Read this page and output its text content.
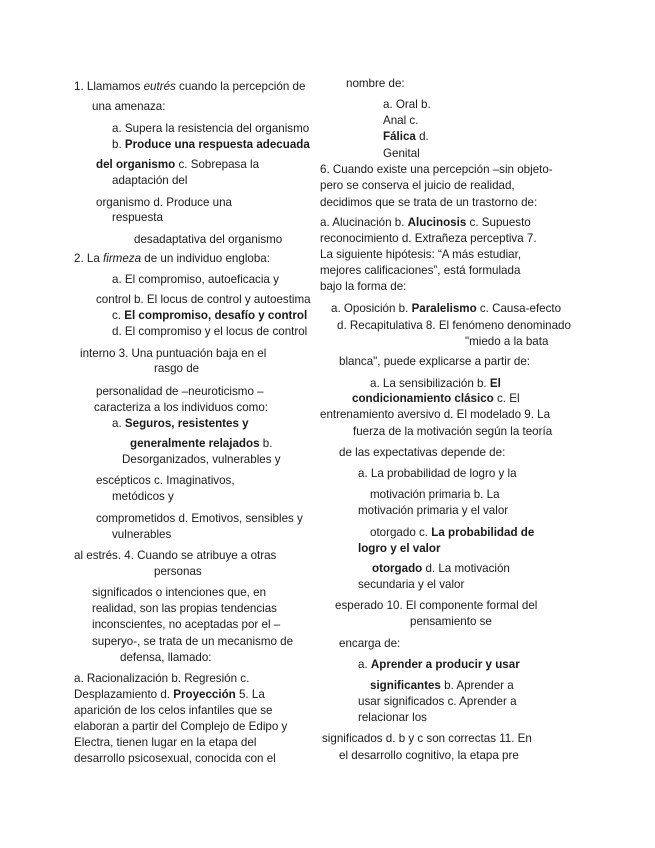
1. Llamamos eutrés cuando la percepción de
una amenaza:
a. Supera la resistencia del organismo
b. Produce una respuesta adecuada
del organismo c. Sobrepasa la
adaptación del
organismo d. Produce una
respuesta
desadaptativa del organismo
2. La firmeza de un individuo engloba:
a. El compromiso, autoeficacia y
control b. El locus de control y autoestima
c. El compromiso, desafío y control
d. El compromiso y el locus de control
interno 3. Una puntuación baja en el
rasgo de
personalidad de –neuroticismo –
caracteriza a los individuos como:
a. Seguros, resistentes y
generalmente relajados b.
Desorganizados, vulnerables y
escépticos c. Imaginativos,
metódicos y
comprometidos d. Emotivos, sensibles y
vulnerables
al estrés. 4. Cuando se atribuye a otras
personas
significados o intenciones que, en
realidad, son las propias tendencias
inconscientes, no aceptadas por el –
superyo-, se trata de un mecanismo de
defensa, llamado:
a. Racionalización b. Regresión c.
Desplazamiento d. Proyección 5. La
aparición de los celos infantiles que se
elaboran a partir del Complejo de Edipo y
Electra, tienen lugar en la etapa del
desarrollo psicosexual, conocida con el
nombre de:
a. Oral b.
Anal c.
Fálica d.
Genital
6. Cuando existe una percepción –sin objeto-
pero se conserva el juicio de realidad,
decidimos que se trata de un trastorno de:
a. Alucinación b. Alucinosis c. Supuesto
reconocimiento d. Extrañeza perceptiva 7.
La siguiente hipótesis: “A más estudiar,
mejores calificaciones”, está formulada
bajo la forma de:
a. Oposición b. Paralelismo c. Causa-efecto
d. Recapitulativa 8. El fenómeno denominado
"miedo a la bata
blanca", puede explicarse a partir de:
a. La sensibilización b. El
condicionamiento clásico c. El
entrenamiento aversivo d. El modelado 9. La
fuerza de la motivación según la teoría
de las expectativas depende de:
a. La probabilidad de logro y la
motivación primaria b. La
motivación primaria y el valor
otorgado c. La probabilidad de
logro y el valor
otorgado d. La motivación
secundaria y el valor
esperado 10. El componente formal del
pensamiento se
encarga de:
a. Aprender a producir y usar
significantes b. Aprender a
usar significados c. Aprender a
relacionar los
significados d. b y c son correctas 11. En
el desarrollo cognitivo, la etapa pre
